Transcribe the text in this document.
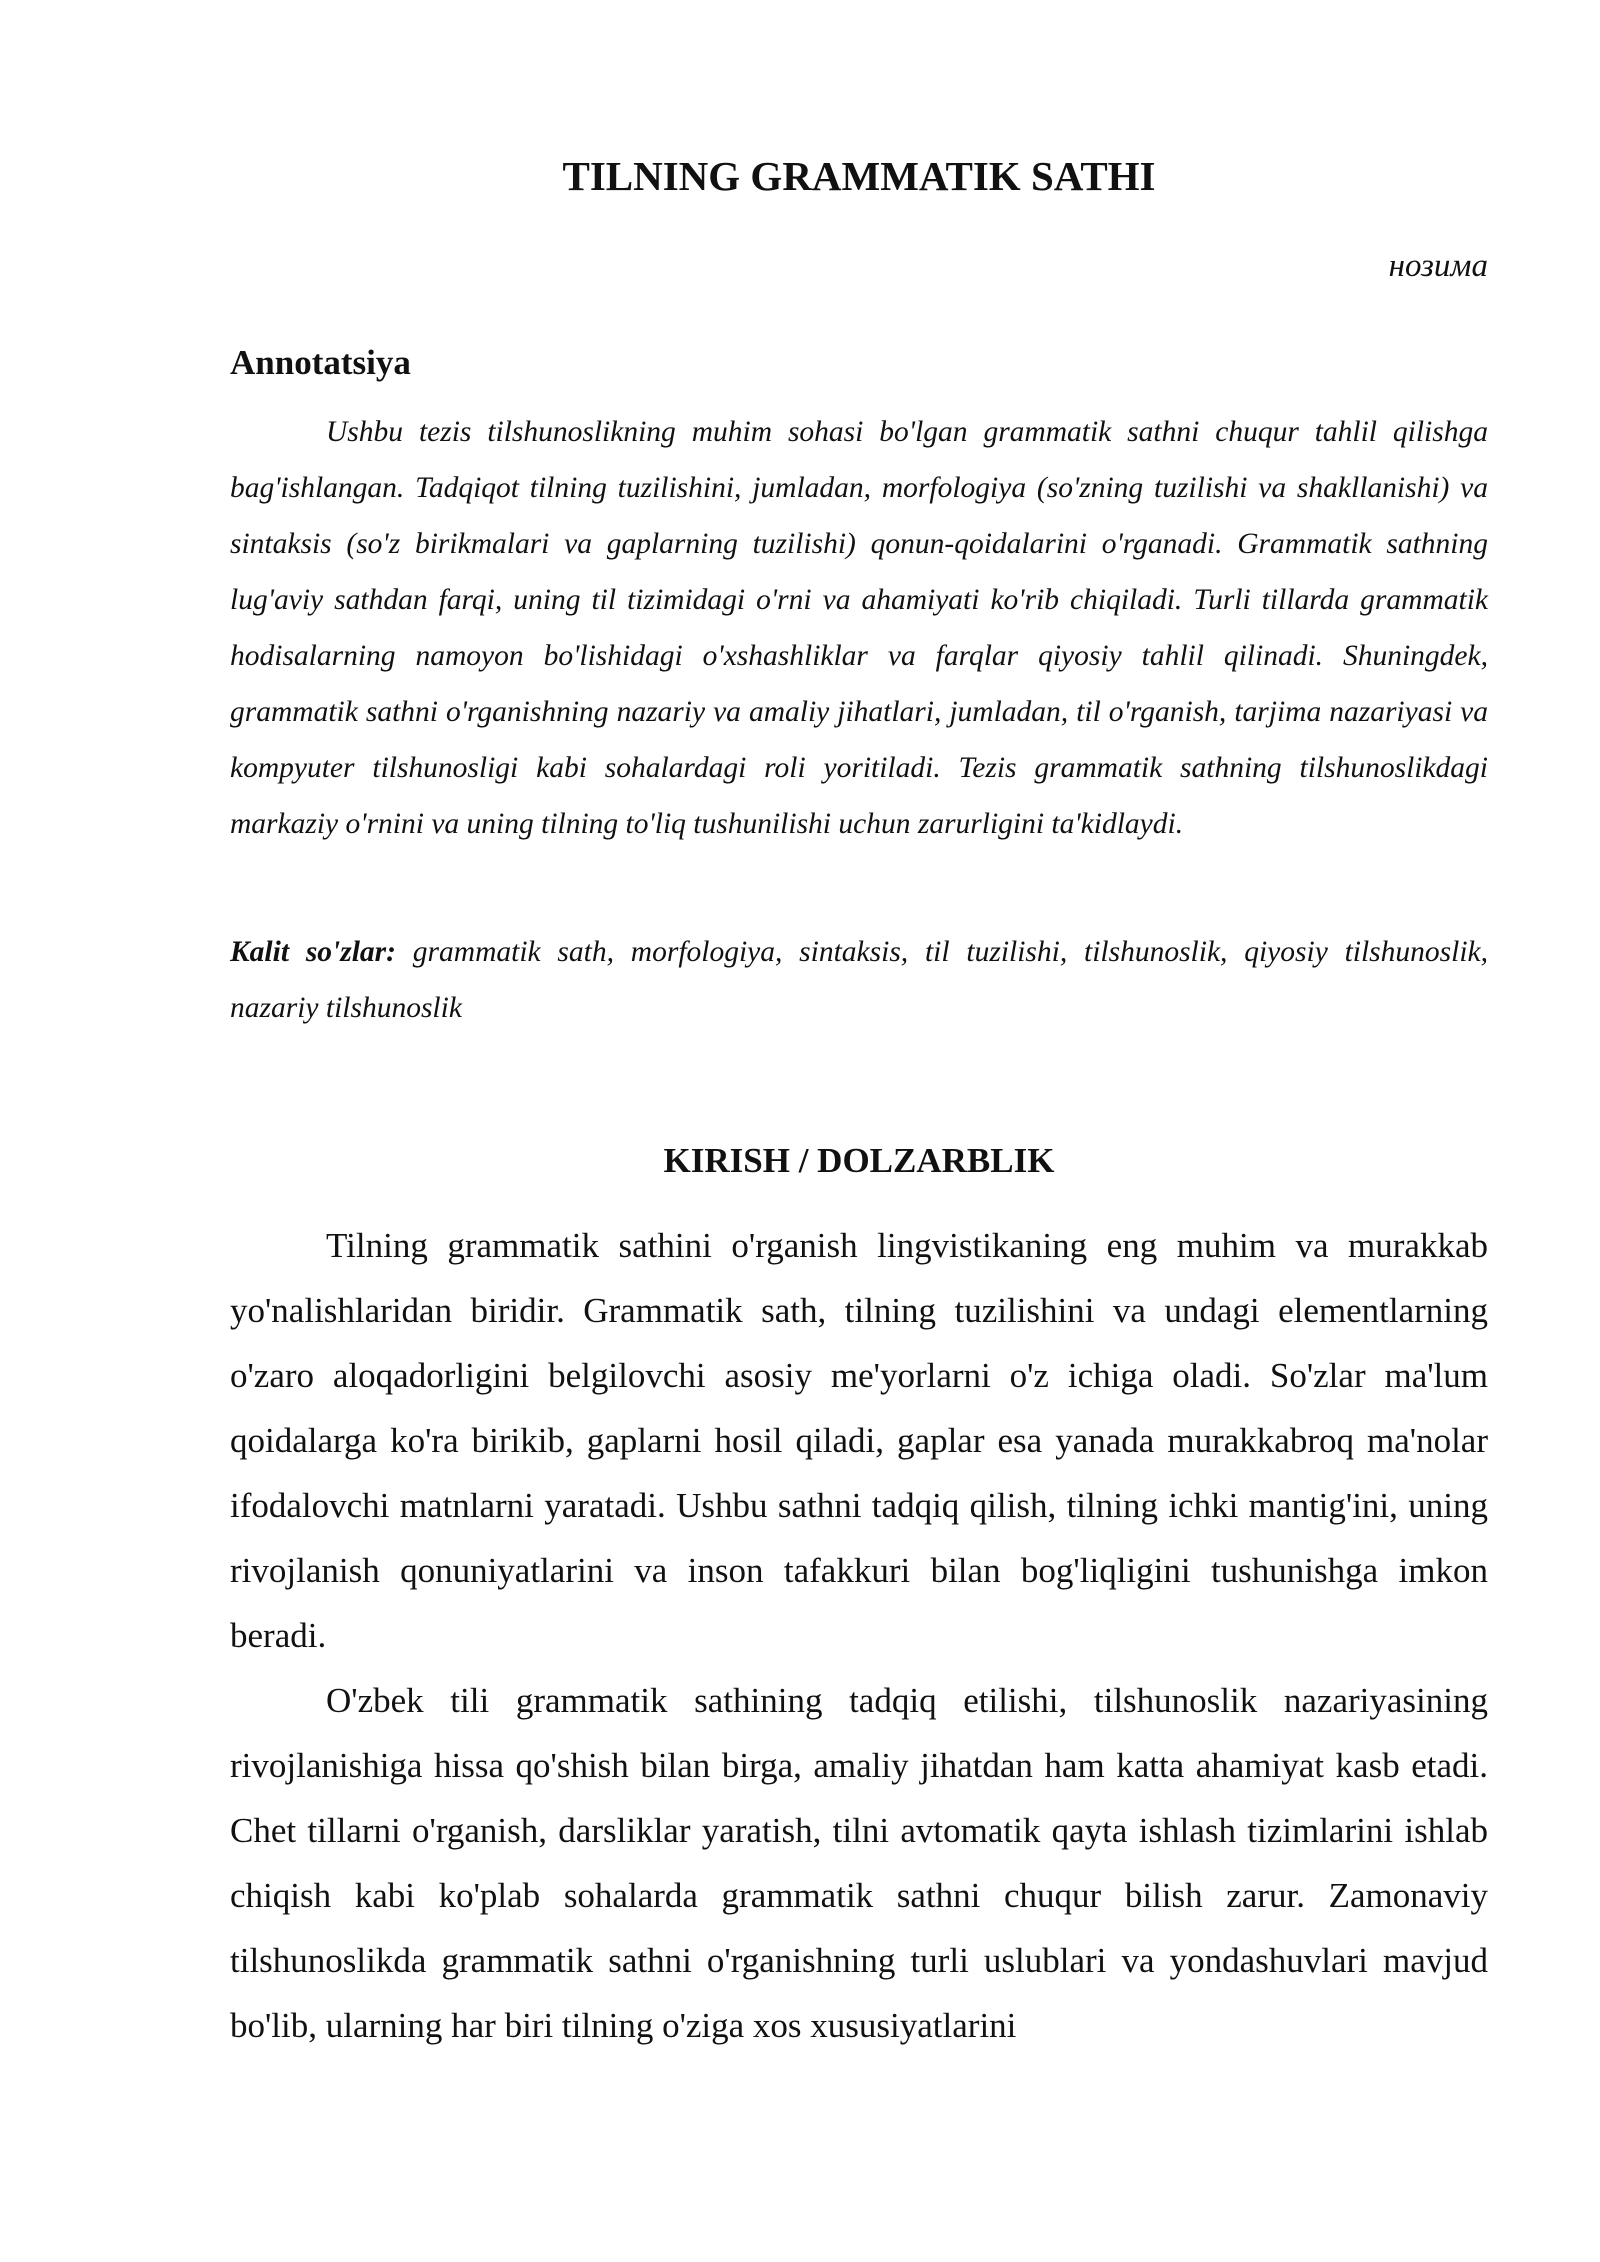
TILNING GRAMMATIK SATHI
нозима
Annotatsiya

Ushbu tezis tilshunoslikning muhim sohasi bo'lgan grammatik sathni chuqur tahlil qilishga bag'ishlangan. Tadqiqot tilning tuzilishini, jumladan, morfologiya (so'zning tuzilishi va shakllanishi) va sintaksis (so'z birikmalari va gaplarning tuzilishi) qonun-qoidalarini o'rganadi. Grammatik sathning lug'aviy sathdan farqi, uning til tizimidagi o'rni va ahamiyati ko'rib chiqiladi. Turli tillarda grammatik hodisalarning namoyon bo'lishidagi o'xshashliklar va farqlar qiyosiy tahlil qilinadi. Shuningdek, grammatik sathni o'rganishning nazariy va amaliy jihatlari, jumladan, til o'rganish, tarjima nazariyasi va kompyuter tilshunosligi kabi sohalardagi roli yoritiladi. Tezis grammatik sathning tilshunoslikdagi markaziy o'rnini va uning tilning to'liq tushunilishi uchun zarurligini ta'kidlaydi.

Kalit so'zlar: grammatik sath, morfologiya, sintaksis, til tuzilishi, tilshunoslik, qiyosiy tilshunoslik, nazariy tilshunoslik

KIRISH / DOLZARBLIK

Tilning grammatik sathini o'rganish lingvistikaning eng muhim va murakkab yo'nalishlaridan biridir. Grammatik sath, tilning tuzilishini va undagi elementlarning o'zaro aloqadorligini belgilovchi asosiy me'yorlarni o'z ichiga oladi. So'zlar ma'lum qoidalarga ko'ra birikib, gaplarni hosil qiladi, gaplar esa yanada murakkabroq ma'nolar ifodalovchi matnlarni yaratadi. Ushbu sathni tadqiq qilish, tilning ichki mantig'ini, uning rivojlanish qonuniyatlarini va inson tafakkuri bilan bog'liqligini tushunishga imkon beradi.

O'zbek tili grammatik sathining tadqiq etilishi, tilshunoslik nazariyasining rivojlanishiga hissa qo'shish bilan birga, amaliy jihatdan ham katta ahamiyat kasb etadi. Chet tillarni o'rganish, darsliklar yaratish, tilni avtomatik qayta ishlash tizimlarini ishlab chiqish kabi ko'plab sohalarda grammatik sathni chuqur bilish zarur. Zamonaviy tilshunoslikda grammatik sathni o'rganishning turli uslublari va yondashuvlari mavjud bo'lib, ularning har biri tilning o'ziga xos xususiyatlarini
